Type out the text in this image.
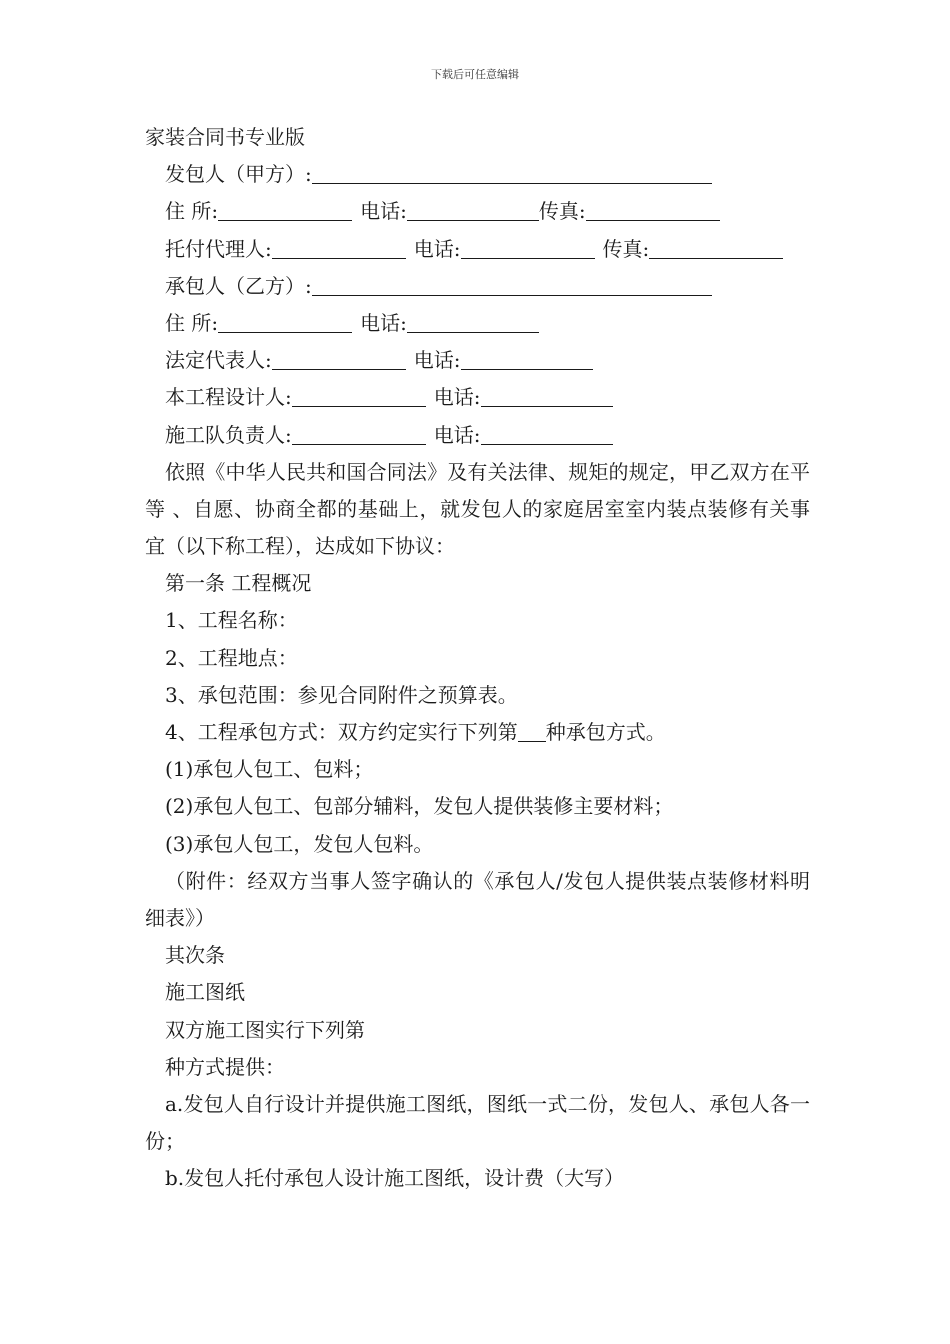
下载后可任意编辑
家装合同书专业版
发包人（甲方）:
住 所:	电话:	传真:
托付代理人:	电话:	传真:
承包人（乙方）:
住 所:	电话:
法定代表人:	电话:
本工程设计人:	电话:
施工队负责人:	电话:
依照《中华人民共和国合同法》及有关法律、规矩的规定，甲乙双方在平等 、自愿、协商全都的基础上，就发包人的家庭居室室内装点装修有关事宜（以下称工程），达成如下协议：
第一条 工程概况
1、工程名称：
2、工程地点：
3、承包范围：参见合同附件之预算表。
4、工程承包方式：双方约定实行下列第 种承包方式。
(1)承包人包工、包料；
(2)承包人包工、包部分辅料，发包人提供装修主要材料；
(3)承包人包工，发包人包料。
（附件：经双方当事人签字确认的《承包人/发包人提供装点装修材料明细表》）
其次条
施工图纸
双方施工图实行下列第
种方式提供：
a.发包人自行设计并提供施工图纸，图纸一式二份，发包人、承包人各一份；
b.发包人托付承包人设计施工图纸，设计费（大写）
